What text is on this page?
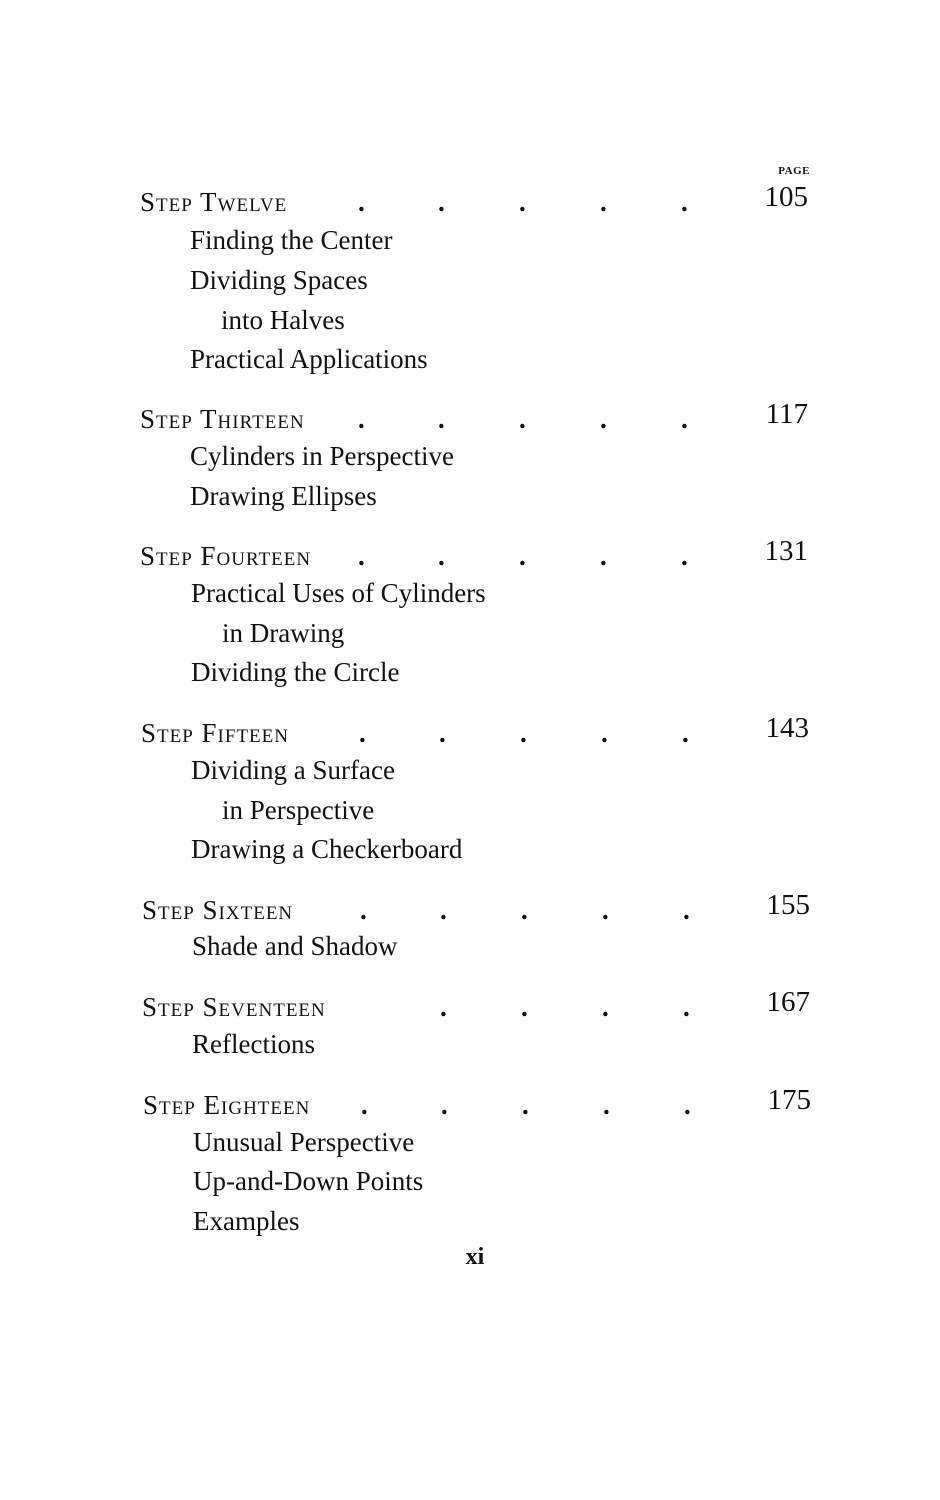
PAGE
Step Twelve	.	.	.	.	.	105
Finding the Center
Dividing Spaces
into Halves
Practical Applications
Step Thirteen .	.	.	.	.	117
Cylinders in Perspective
Drawing Ellipses
Step Fourteen .	.	.	.	.	131
Practical Uses of Cylinders
in Drawing
Dividing the Circle
Step Fifteen	.	.	.	.	.	143
Dividing a Surface
in Perspective
Drawing a Checkerboard
Step Sixteen .	.	.	.	.	155
Shade and Shadow
Step Seventeen	.	.	.	.	167
Reflections
Step Eighteen .	.	.	.	.	175
Unusual Perspective
Up-and-Down Points
Examples
xi
